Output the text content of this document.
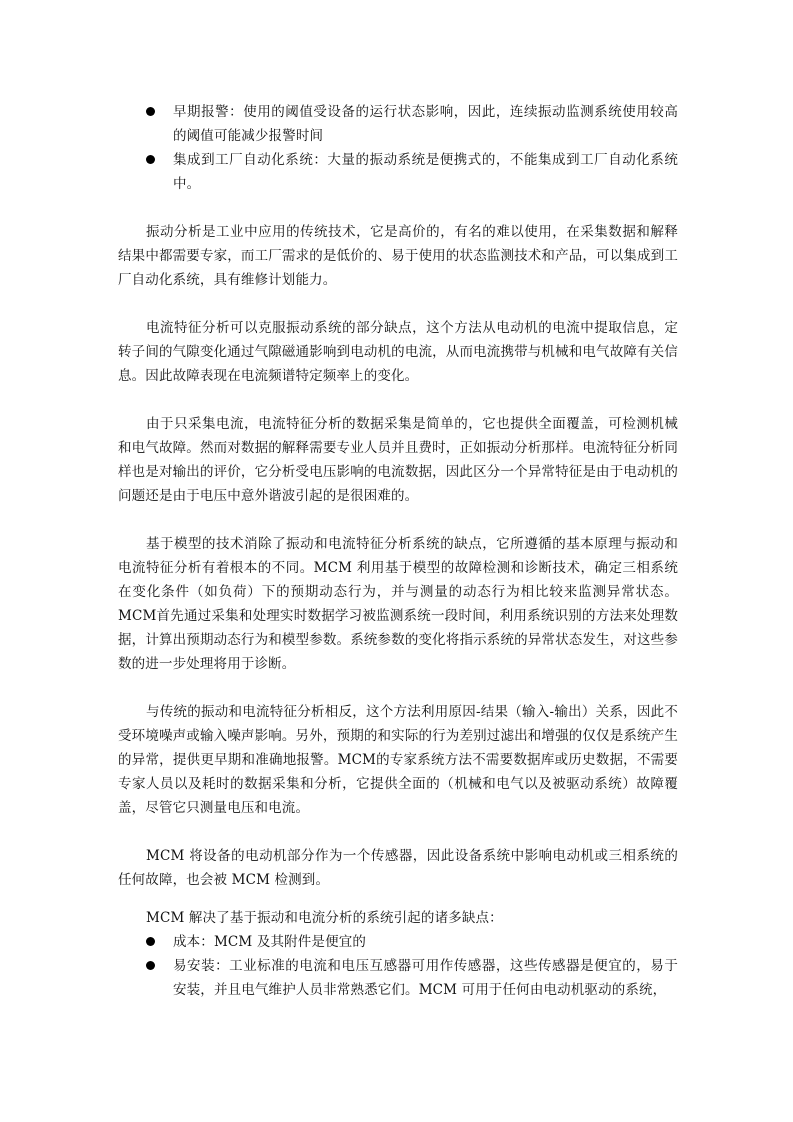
早期报警：使用的阈值受设备的运行状态影响，因此，连续振动监测系统使用较高的阈值可能减少报警时间
集成到工厂自动化系统：大量的振动系统是便携式的，不能集成到工厂自动化系统中。

振动分析是工业中应用的传统技术，它是高价的，有名的难以使用，在采集数据和解释结果中都需要专家，而工厂需求的是低价的、易于使用的状态监测技术和产品，可以集成到工厂自动化系统，具有维修计划能力。

电流特征分析可以克服振动系统的部分缺点，这个方法从电动机的电流中提取信息，定转子间的气隙变化通过气隙磁通影响到电动机的电流，从而电流携带与机械和电气故障有关信息。因此故障表现在电流频谱特定频率上的变化。

由于只采集电流，电流特征分析的数据采集是简单的，它也提供全面覆盖，可检测机械和电气故障。然而对数据的解释需要专业人员并且费时，正如振动分析那样。电流特征分析同样也是对输出的评价，它分析受电压影响的电流数据，因此区分一个异常特征是由于电动机的问题还是由于电压中意外谐波引起的是很困难的。

基于模型的技术消除了振动和电流特征分析系统的缺点，它所遵循的基本原理与振动和电流特征分析有着根本的不同。MCM 利用基于模型的故障检测和诊断技术，确定三相系统在变化条件（如负荷）下的预期动态行为，并与测量的动态行为相比较来监测异常状态。MCM首先通过采集和处理实时数据学习被监测系统一段时间，利用系统识别的方法来处理数据，计算出预期动态行为和模型参数。系统参数的变化将指示系统的异常状态发生，对这些参数的进一步处理将用于诊断。

与传统的振动和电流特征分析相反，这个方法利用原因-结果（输入-输出）关系，因此不受环境噪声或输入噪声影响。另外，预期的和实际的行为差别过滤出和增强的仅仅是系统产生的异常，提供更早期和准确地报警。MCM的专家系统方法不需要数据库或历史数据，不需要专家人员以及耗时的数据采集和分析，它提供全面的（机械和电气以及被驱动系统）故障覆盖，尽管它只测量电压和电流。

MCM 将设备的电动机部分作为一个传感器，因此设备系统中影响电动机或三相系统的任何故障，也会被 MCM 检测到。

MCM 解决了基于振动和电流分析的系统引起的诸多缺点：

成本：MCM 及其附件是便宜的
易安装：工业标准的电流和电压互感器可用作传感器，这些传感器是便宜的，易于安装，并且电气维护人员非常熟悉它们。MCM 可用于任何由电动机驱动的系统，
